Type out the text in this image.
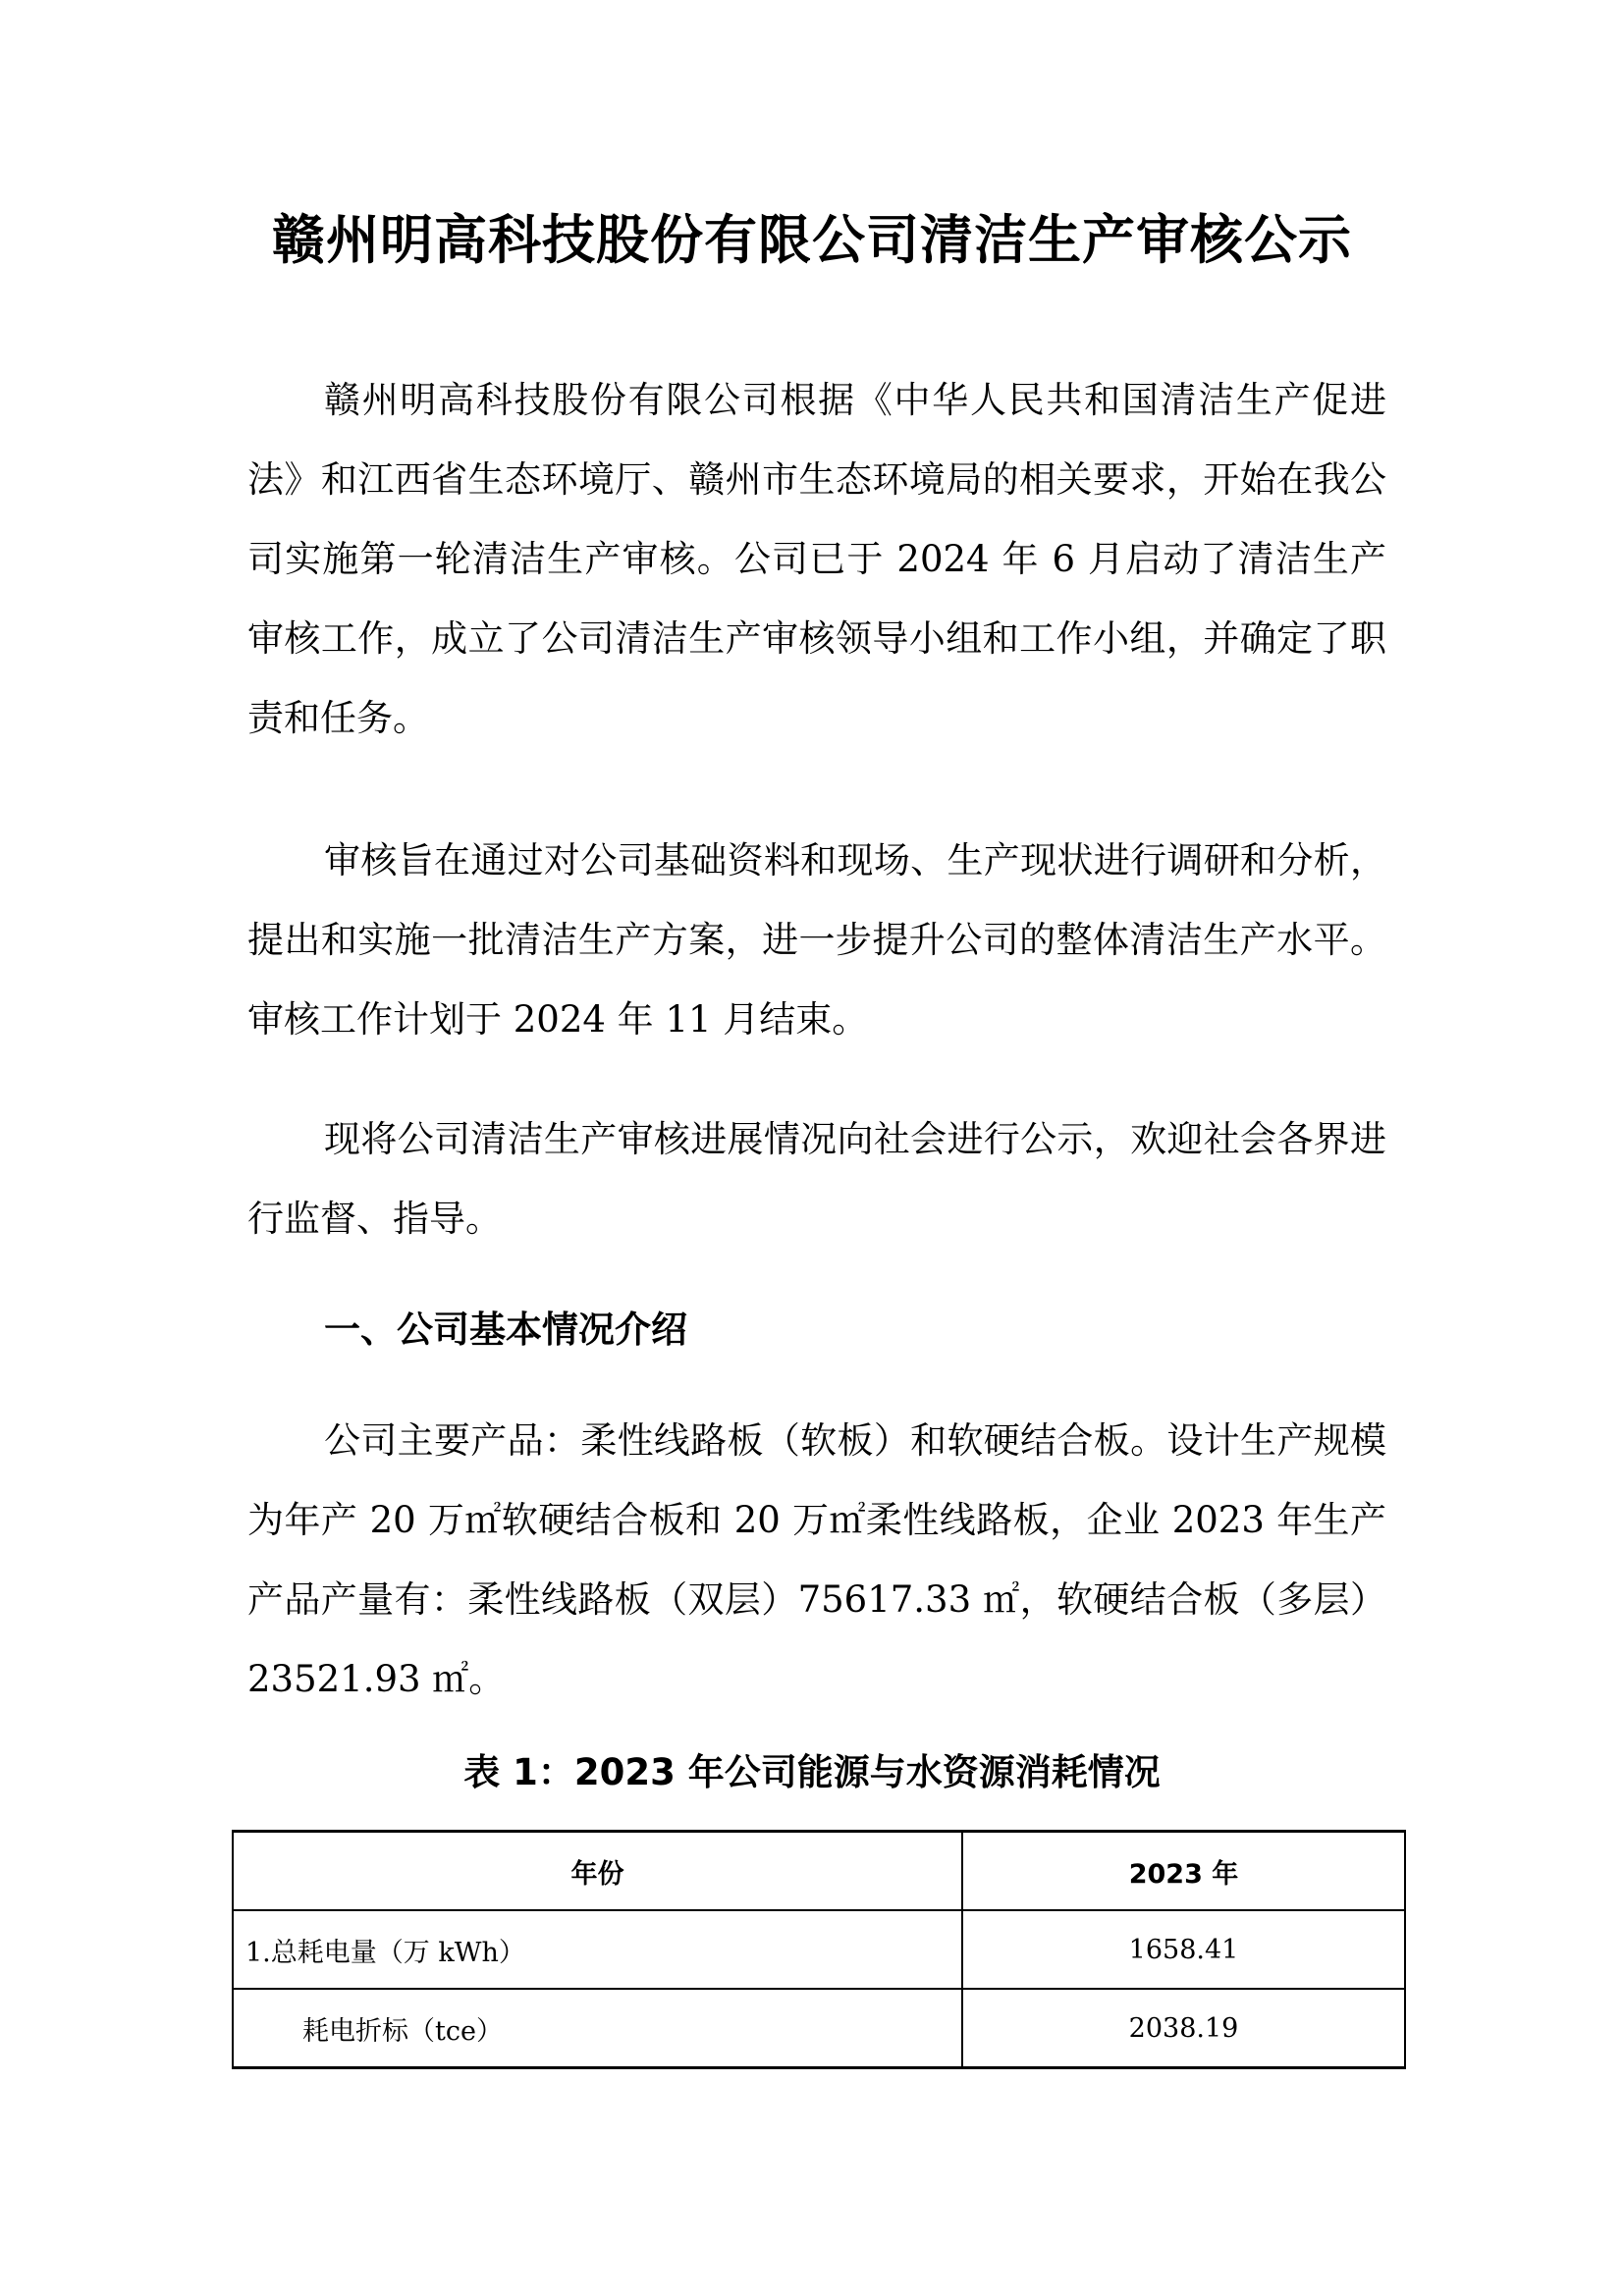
赣州明高科技股份有限公司清洁生产审核公示

赣州明高科技股份有限公司根据《中华人民共和国清洁生产促进法》和江西省生态环境厅、赣州市生态环境局的相关要求，开始在我公司实施第一轮清洁生产审核。公司已于 2024 年 6 月启动了清洁生产审核工作，成立了公司清洁生产审核领导小组和工作小组，并确定了职责和任务。

审核旨在通过对公司基础资料和现场、生产现状进行调研和分析，提出和实施一批清洁生产方案，进一步提升公司的整体清洁生产水平。审核工作计划于 2024 年 11 月结束。

现将公司清洁生产审核进展情况向社会进行公示，欢迎社会各界进行监督、指导。

一、公司基本情况介绍

公司主要产品：柔性线路板（软板）和软硬结合板。设计生产规模为年产 20 万㎡软硬结合板和 20 万㎡柔性线路板，企业 2023 年生产产品产量有：柔性线路板（双层）75617.33 ㎡，软硬结合板（多层）23521.93 ㎡。

表 1：2023 年公司能源与水资源消耗情况
年份	2023 年
1.总耗电量（万 kWh）	1658.41
耗电折标（tce）	2038.19
